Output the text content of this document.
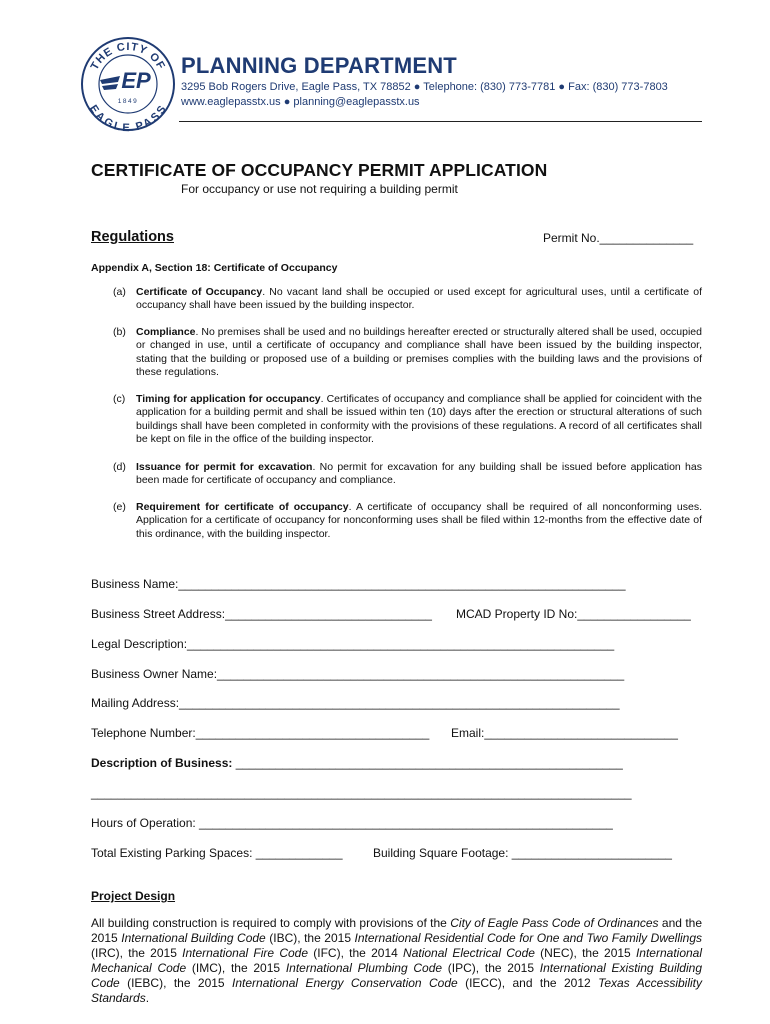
THE CITY OF
EAGLE PASS
EP
1849
PLANNING DEPARTMENT
3295 Bob Rogers Drive, Eagle Pass, TX 78852 ● Telephone: (830) 773-7781 ● Fax: (830) 773-7803
www.eaglepasstx.us ● planning@eaglepasstx.us
CERTIFICATE OF OCCUPANCY PERMIT APPLICATION
For occupancy or use not requiring a building permit
Regulations	Permit No.______________
Appendix A, Section 18: Certificate of Occupancy
(a) Certificate of Occupancy. No vacant land shall be occupied or used except for agricultural uses, until a certificate of occupancy shall have been issued by the building inspector.
(b) Compliance. No premises shall be used and no buildings hereafter erected or structurally altered shall be used, occupied or changed in use, until a certificate of occupancy and compliance shall have been issued by the building inspector, stating that the building or proposed use of a building or premises complies with the building laws and the provisions of these regulations.
(c) Timing for application for occupancy. Certificates of occupancy and compliance shall be applied for coincident with the application for a building permit and shall be issued within ten (10) days after the erection or structural alterations of such buildings shall have been completed in conformity with the provisions of these regulations. A record of all certificates shall be kept on file in the office of the building inspector.
(d) Issuance for permit for excavation. No permit for excavation for any building shall be issued before application has been made for certificate of occupancy and compliance.
(e) Requirement for certificate of occupancy. A certificate of occupancy shall be required of all nonconforming uses. Application for a certificate of occupancy for nonconforming uses shall be filed within 12-months from the effective date of this ordinance, with the building inspector.
Business Name:___________________________________________________________________
Business Street Address:_______________________________ MCAD Property ID No:_________________
Legal Description:________________________________________________________________
Business Owner Name:_____________________________________________________________
Mailing Address:__________________________________________________________________
Telephone Number:___________________________________ Email:_____________________________
Description of Business: __________________________________________________________
_________________________________________________________________________________
Hours of Operation: ______________________________________________________________
Total Existing Parking Spaces: _____________	Building Square Footage: ________________________
Project Design
All building construction is required to comply with provisions of the City of Eagle Pass Code of Ordinances and the 2015 International Building Code (IBC), the 2015 International Residential Code for One and Two Family Dwellings (IRC), the 2015 International Fire Code (IFC), the 2014 National Electrical Code (NEC), the 2015 International Mechanical Code (IMC), the 2015 International Plumbing Code (IPC), the 2015 International Existing Building Code (IEBC), the 2015 International Energy Conservation Code (IECC), and the 2012 Texas Accessibility Standards.
